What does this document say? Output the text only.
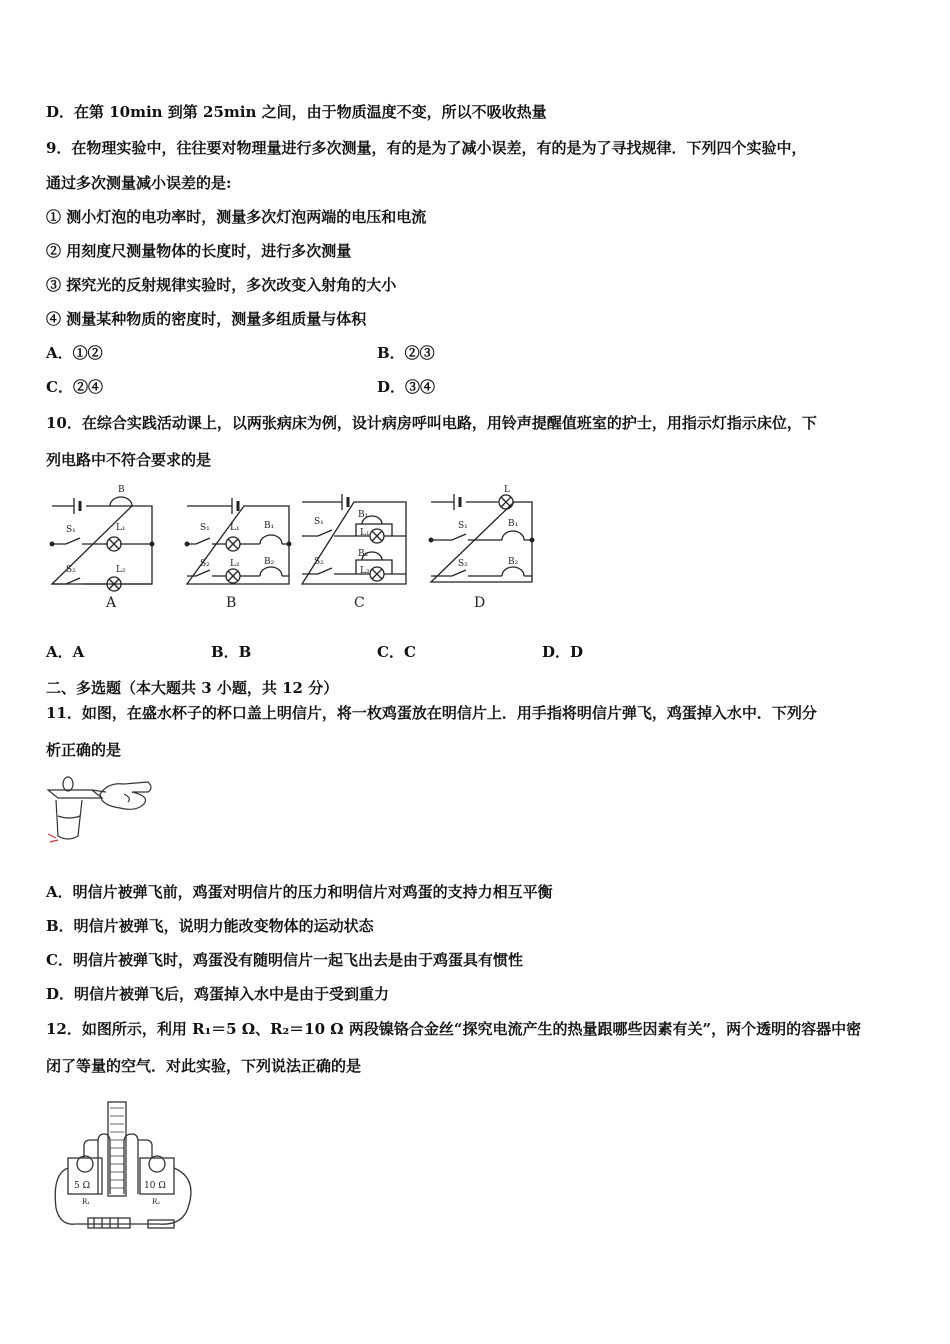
D．在第 10min 到第 25min 之间，由于物质温度不变，所以不吸收热量
9．在物理实验中，往往要对物理量进行多次测量，有的是为了减小误差，有的是为了寻找规律．下列四个实验中，
通过多次测量减小误差的是:
① 测小灯泡的电功率时，测量多次灯泡两端的电压和电流
② 用刻度尺测量物体的长度时，进行多次测量
③ 探究光的反射规律实验时，多次改变入射角的大小
④ 测量某种物质的密度时，测量多组质量与体积
A．①②	B．②③
C．②④	D．③④
10．在综合实践活动课上，以两张病床为例，设计病房呼叫电路，用铃声提醒值班室的护士，用指示灯指示床位，下
列电路中不符合要求的是
B
S₁	L₁
S₂	L₂
S₁ L₁	B₁
S₂ L₂	B₂
S₁
B₁
L₁
S₂
B₂
L₂
L
S₁	B₁
S₂	B₂
A	B	C	D
A．A	B．B	C．C	D．D
二、多选题（本大题共 3 小题，共 12 分）
11．如图，在盛水杯子的杯口盖上明信片，将一枚鸡蛋放在明信片上．用手指将明信片弹飞，鸡蛋掉入水中．下列分
析正确的是
A．明信片被弹飞前，鸡蛋对明信片的压力和明信片对鸡蛋的支持力相互平衡
B．明信片被弹飞，说明力能改变物体的运动状态
C．明信片被弹飞时，鸡蛋没有随明信片一起飞出去是由于鸡蛋具有惯性
D．明信片被弹飞后，鸡蛋掉入水中是由于受到重力
12．如图所示，利用 R₁＝5 Ω、R₂＝10 Ω 两段镍铬合金丝“探究电流产生的热量跟哪些因素有关”，两个透明的容器中密
闭了等量的空气．对此实验，下列说法正确的是
5 Ω	10 Ω
R₁	R₂
